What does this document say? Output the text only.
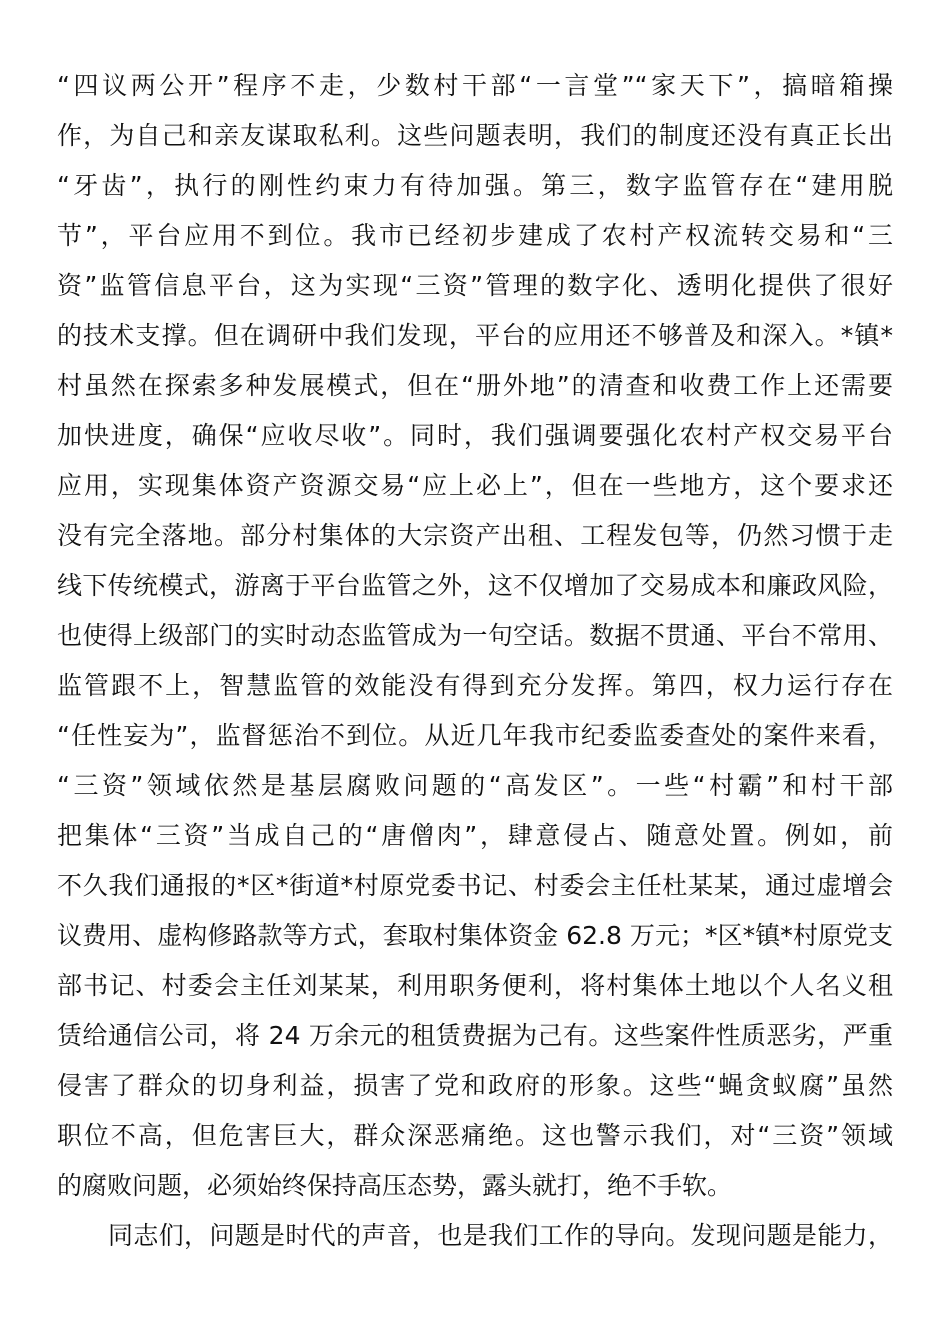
“四议两公开”程序不走，少数村干部“一言堂”“家天下”，搞暗箱操
作，为自己和亲友谋取私利。这些问题表明，我们的制度还没有真正长出
“牙齿”，执行的刚性约束力有待加强。第三，数字监管存在“建用脱
节”，平台应用不到位。我市已经初步建成了农村产权流转交易和“三
资”监管信息平台，这为实现“三资”管理的数字化、透明化提供了很好
的技术支撑。但在调研中我们发现，平台的应用还不够普及和深入。*镇*
村虽然在探索多种发展模式，但在“册外地”的清查和收费工作上还需要
加快进度，确保“应收尽收”。同时，我们强调要强化农村产权交易平台
应用，实现集体资产资源交易“应上必上”，但在一些地方，这个要求还
没有完全落地。部分村集体的大宗资产出租、工程发包等，仍然习惯于走
线下传统模式，游离于平台监管之外，这不仅增加了交易成本和廉政风险，
也使得上级部门的实时动态监管成为一句空话。数据不贯通、平台不常用、
监管跟不上，智慧监管的效能没有得到充分发挥。第四，权力运行存在
“任性妄为”，监督惩治不到位。从近几年我市纪委监委查处的案件来看，
“三资”领域依然是基层腐败问题的“高发区”。一些“村霸”和村干部
把集体“三资”当成自己的“唐僧肉”，肆意侵占、随意处置。例如，前
不久我们通报的*区*街道*村原党委书记、村委会主任杜某某，通过虚增会
议费用、虚构修路款等方式，套取村集体资金 62.8 万元；*区*镇*村原党支
部书记、村委会主任刘某某，利用职务便利，将村集体土地以个人名义租
赁给通信公司，将 24 万余元的租赁费据为己有。这些案件性质恶劣，严重
侵害了群众的切身利益，损害了党和政府的形象。这些“蝇贪蚁腐”虽然
职位不高，但危害巨大，群众深恶痛绝。这也警示我们，对“三资”领域
的腐败问题，必须始终保持高压态势，露头就打，绝不手软。
同志们，问题是时代的声音，也是我们工作的导向。发现问题是能力，
